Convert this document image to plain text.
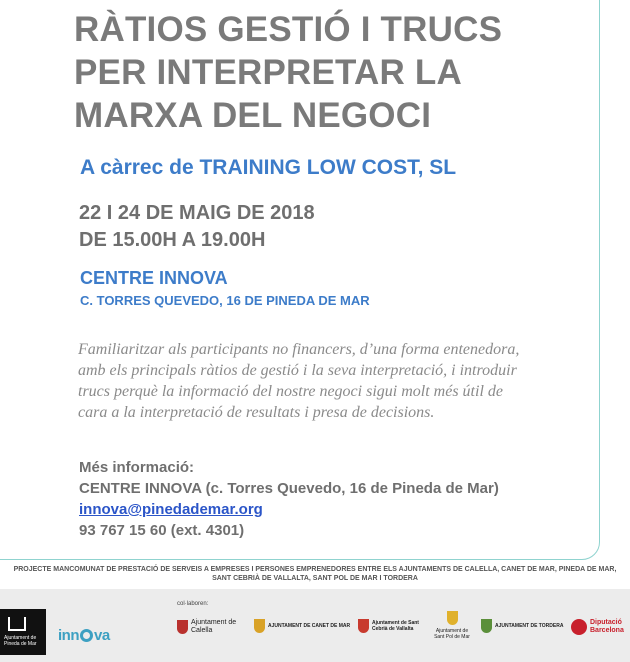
RÀTIOS GESTIÓ I TRUCS
PER INTERPRETAR LA
MARXA DEL NEGOCI
A càrrec de TRAINING LOW COST, SL
22 I 24 DE MAIG DE 2018
DE 15.00H A 19.00H
CENTRE INNOVA
C. TORRES QUEVEDO, 16 DE PINEDA DE MAR
Familiaritzar als participants no financers, d’una forma entenedora,
amb els principals ràtios de gestió i la seva interpretació, i introduir
trucs perquè la informació del nostre negoci sigui molt més útil de
cara a la interpretació de resultats i presa de decisions.
Més informació:
CENTRE INNOVA (c. Torres Quevedo, 16 de Pineda de Mar)
innova@pinedademar.org
93 767 15 60 (ext. 4301)
PROJECTE MANCOMUNAT DE PRESTACIÓ DE SERVEIS A EMPRESES I PERSONES EMPRENEDORES ENTRE ELS AJUNTAMENTS DE CALELLA, CANET DE MAR, PINEDA DE MAR,
SANT CEBRIÀ DE VALLALTA, SANT POL DE MAR I TORDERA
Ajuntament de Pineda de Mar	inn va
col·laboren:
Ajuntament de Calella
AJUNTAMENT DE CANET DE MAR	Ajuntament de Sant Cebrià de Vallalta	Ajuntament de Sant Pol de Mar
AJUNTAMENT DE TORDERA	Diputació Barcelona
